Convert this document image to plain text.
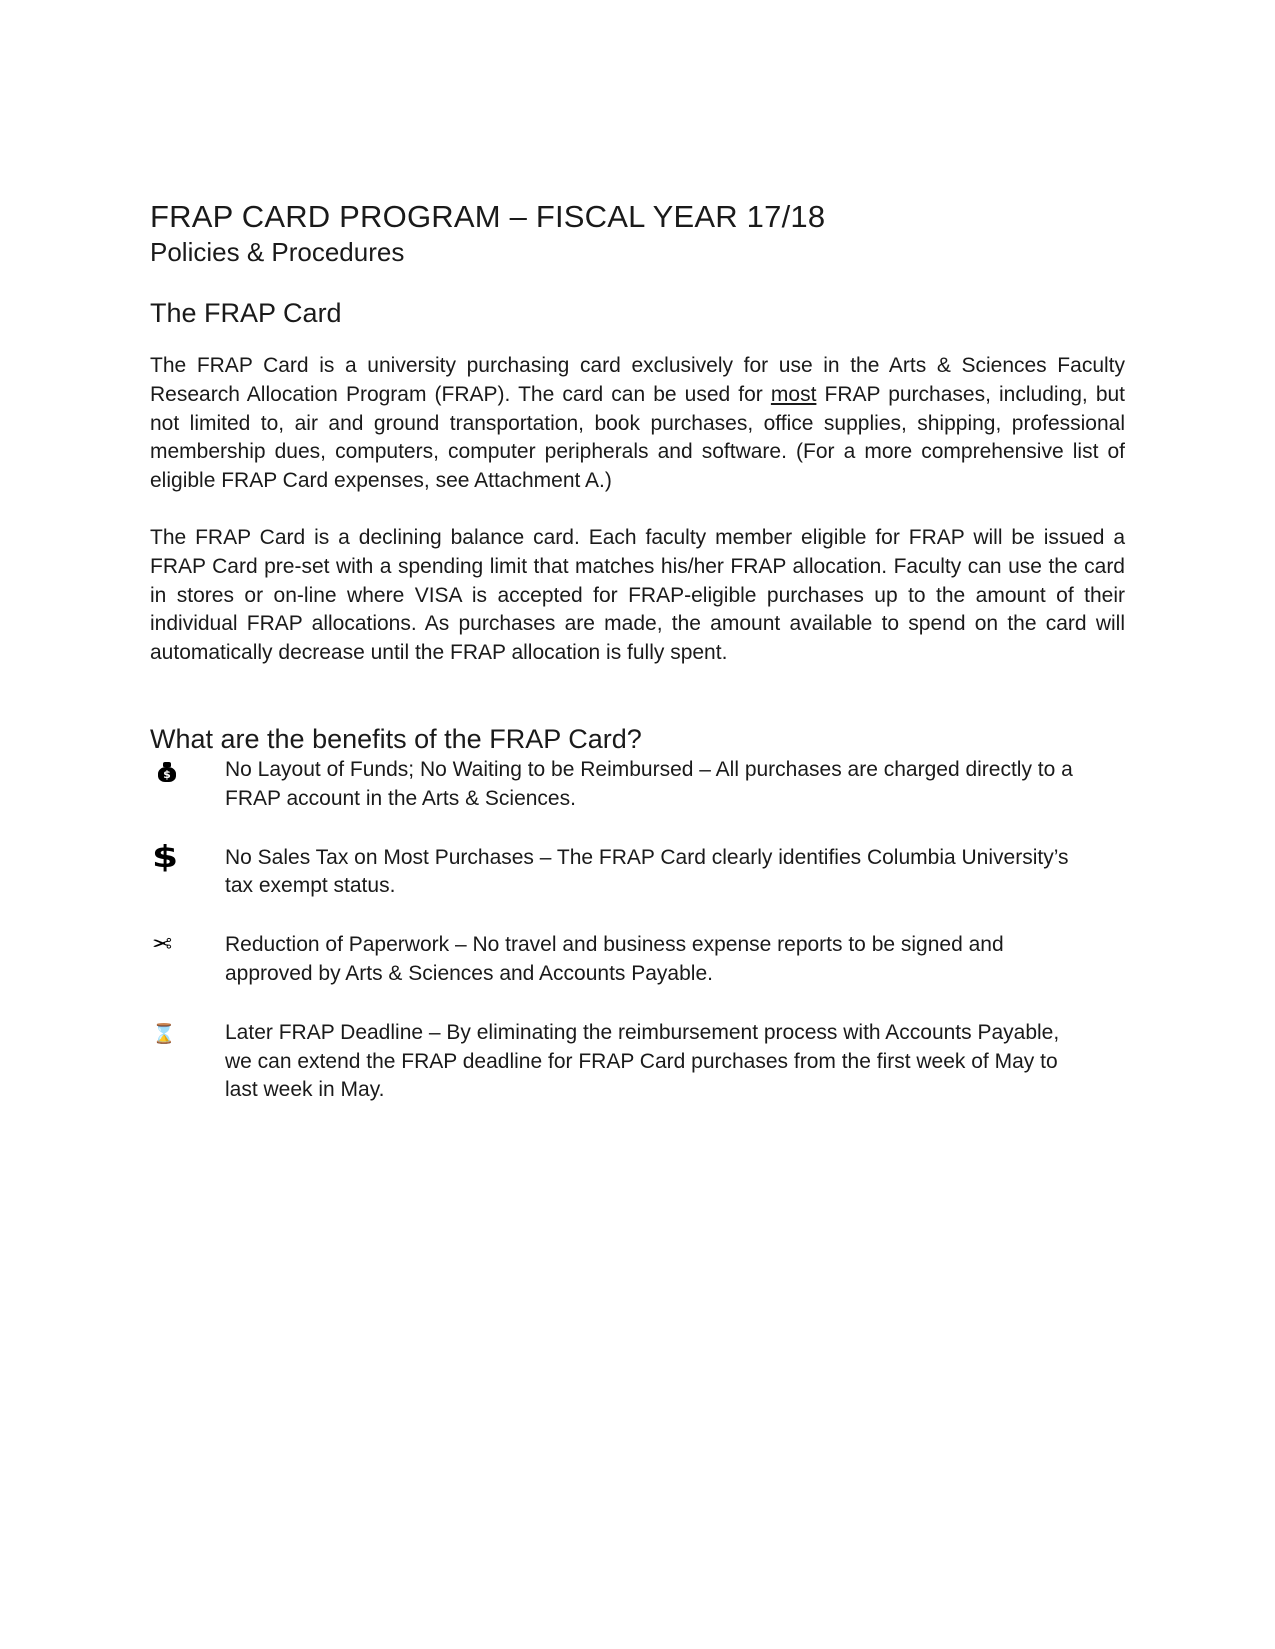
FRAP CARD PROGRAM – FISCAL YEAR 17/18
Policies & Procedures
The FRAP Card

The FRAP Card is a university purchasing card exclusively for use in the Arts & Sciences Faculty Research Allocation Program (FRAP). The card can be used for most FRAP purchases, including, but not limited to, air and ground transportation, book purchases, office supplies, shipping, professional membership dues, computers, computer peripherals and software. (For a more comprehensive list of eligible FRAP Card expenses, see Attachment A.)

The FRAP Card is a declining balance card. Each faculty member eligible for FRAP will be issued a FRAP Card pre-set with a spending limit that matches his/her FRAP allocation. Faculty can use the card in stores or on-line where VISA is accepted for FRAP-eligible purchases up to the amount of their individual FRAP allocations. As purchases are made, the amount available to spend on the card will automatically decrease until the FRAP allocation is fully spent.

What are the benefits of the FRAP Card?
$	No Layout of Funds; No Waiting to be Reimbursed – All purchases are charged directly to a FRAP account in the Arts & Sciences.
$	No Sales Tax on Most Purchases – The FRAP Card clearly identifies Columbia University’s tax exempt status.
✂	Reduction of Paperwork – No travel and business expense reports to be signed and approved by Arts & Sciences and Accounts Payable.
⌛	Later FRAP Deadline – By eliminating the reimbursement process with Accounts Payable, we can extend the FRAP deadline for FRAP Card purchases from the first week of May to last week in May.
